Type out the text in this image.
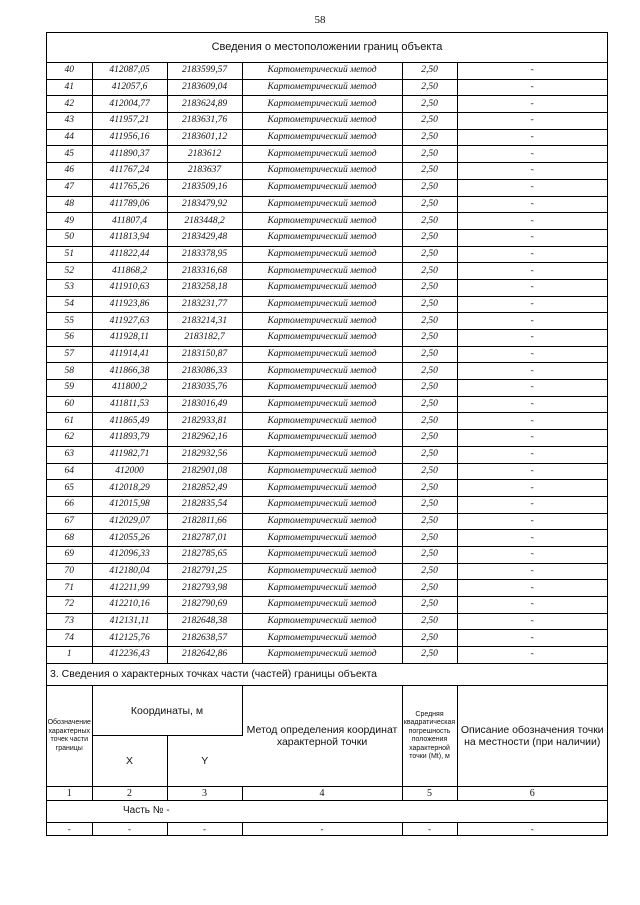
58
Сведения о местоположении границ объекта
40	412087,05	2183599,57	Картометрический метод	2,50	-
41	412057,6	2183609,04	Картометрический метод	2,50	-
42	412004,77	2183624,89	Картометрический метод	2,50	-
43	411957,21	2183631,76	Картометрический метод	2,50	-
44	411956,16	2183601,12	Картометрический метод	2,50	-
45	411890,37	2183612	Картометрический метод	2,50	-
46	411767,24	2183637	Картометрический метод	2,50	-
47	411765,26	2183509,16	Картометрический метод	2,50	-
48	411789,06	2183479,92	Картометрический метод	2,50	-
49	411807,4	2183448,2	Картометрический метод	2,50	-
50	411813,94	2183429,48	Картометрический метод	2,50	-
51	411822,44	2183378,95	Картометрический метод	2,50	-
52	411868,2	2183316,68	Картометрический метод	2,50	-
53	411910,63	2183258,18	Картометрический метод	2,50	-
54	411923,86	2183231,77	Картометрический метод	2,50	-
55	411927,63	2183214,31	Картометрический метод	2,50	-
56	411928,11	2183182,7	Картометрический метод	2,50	-
57	411914,41	2183150,87	Картометрический метод	2,50	-
58	411866,38	2183086,33	Картометрический метод	2,50	-
59	411800,2	2183035,76	Картометрический метод	2,50	-
60	411811,53	2183016,49	Картометрический метод	2,50	-
61	411865,49	2182933,81	Картометрический метод	2,50	-
62	411893,79	2182962,16	Картометрический метод	2,50	-
63	411982,71	2182932,56	Картометрический метод	2,50	-
64	412000	2182901,08	Картометрический метод	2,50	-
65	412018,29	2182852,49	Картометрический метод	2,50	-
66	412015,98	2182835,54	Картометрический метод	2,50	-
67	412029,07	2182811,66	Картометрический метод	2,50	-
68	412055,26	2182787,01	Картометрический метод	2,50	-
69	412096,33	2182785,65	Картометрический метод	2,50	-
70	412180,04	2182791,25	Картометрический метод	2,50	-
71	412211,99	2182793,98	Картометрический метод	2,50	-
72	412210,16	2182790,69	Картометрический метод	2,50	-
73	412131,11	2182648,38	Картометрический метод	2,50	-
74	412125,76	2182638,57	Картометрический метод	2,50	-
1	412236,43	2182642,86	Картометрический метод	2,50	-
3. Сведения о характерных точках части (частей) границы объекта
Обозначение характерных точек части границы	Координаты, м		Метод определения координат характерной точки	Средняя квадратическая погрешность положения характерной точки (Mt), м	Описание обозначения точки на местности (при наличии)
	X	Y			
1	2	3	4	5	6
Часть № -
-	-	-	-	-	-
